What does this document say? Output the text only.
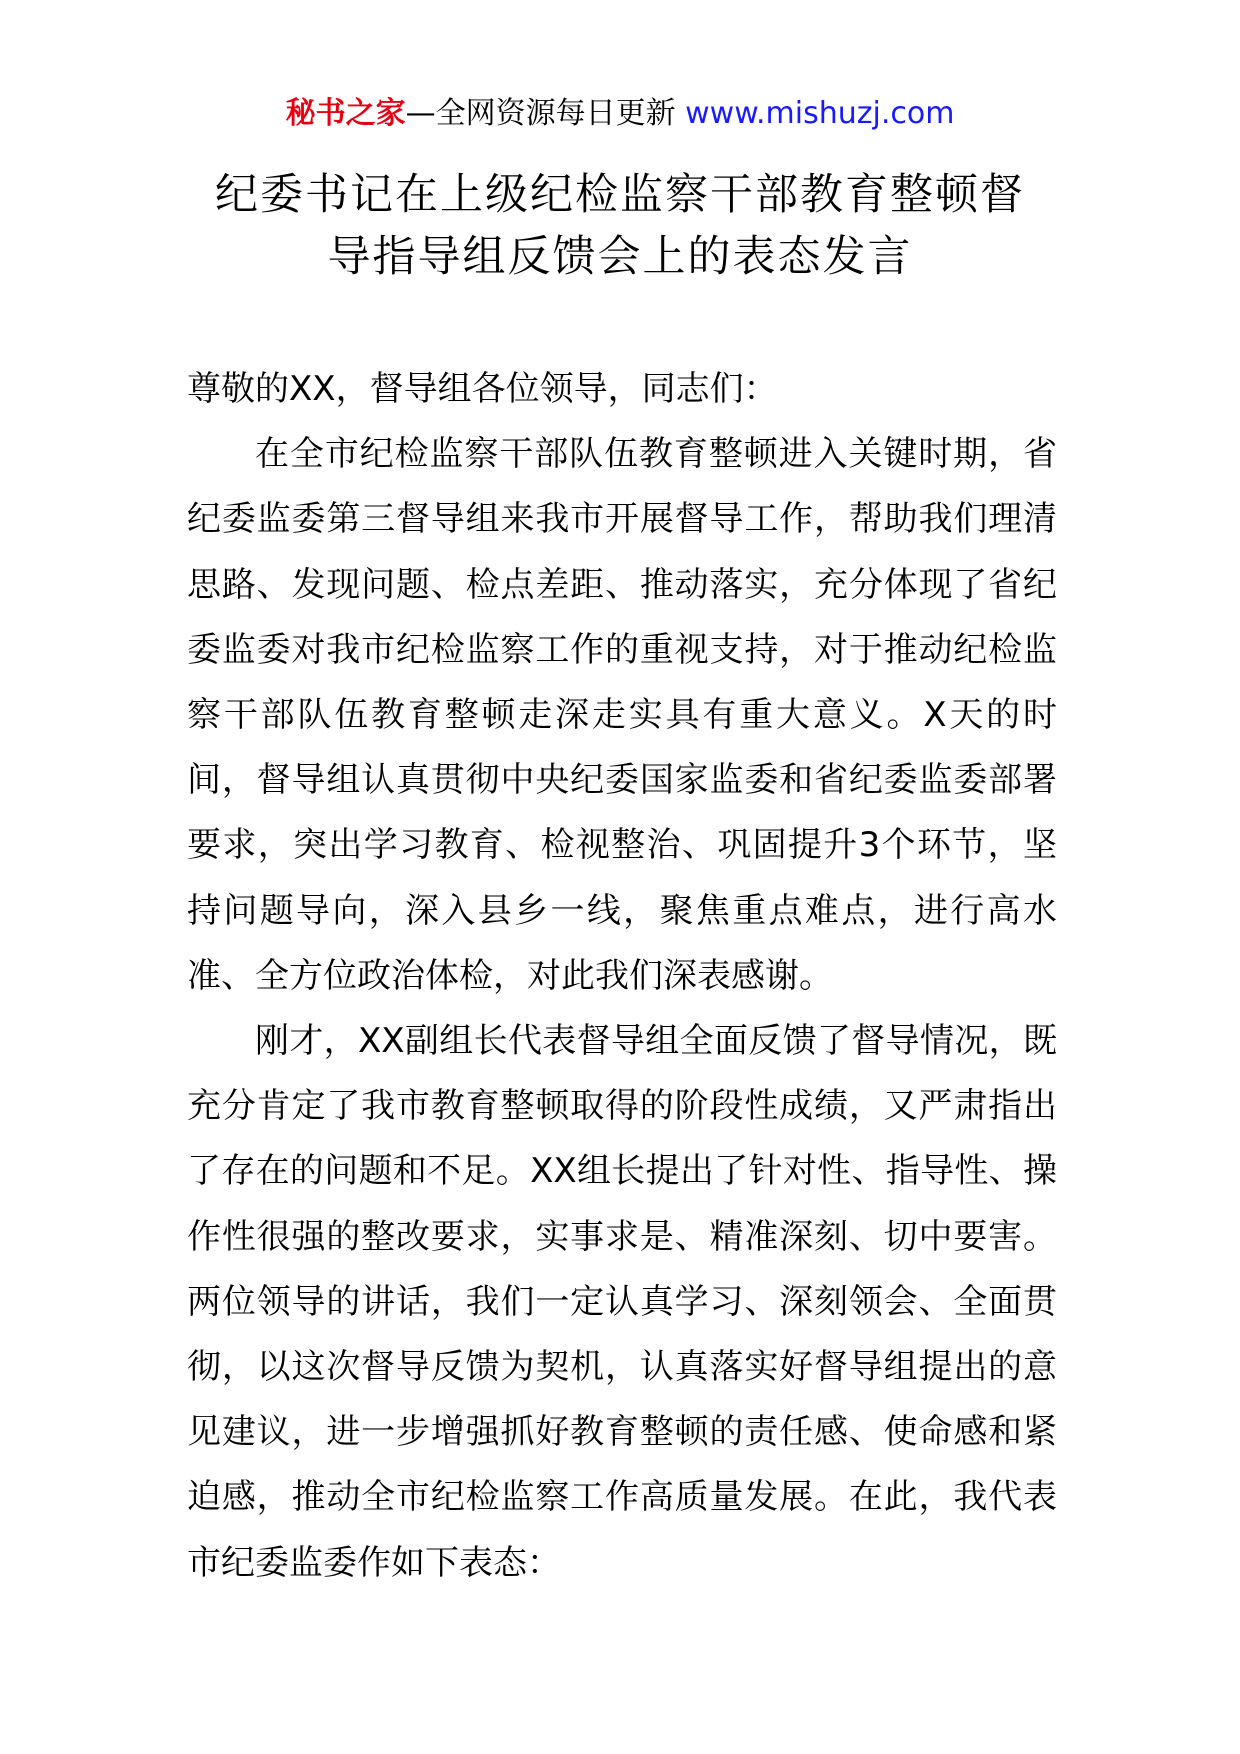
秘书之家—全网资源每日更新 www.mishuzj.com
纪委书记在上级纪检监察干部教育整顿督
导指导组反馈会上的表态发言

尊敬的XX，督导组各位领导，同志们：

在全市纪检监察干部队伍教育整顿进入关键时期，省纪委监委第三督导组来我市开展督导工作，帮助我们理清思路、发现问题、检点差距、推动落实，充分体现了省纪委监委对我市纪检监察工作的重视支持，对于推动纪检监察干部队伍教育整顿走深走实具有重大意义。X天的时间，督导组认真贯彻中央纪委国家监委和省纪委监委部署要求，突出学习教育、检视整治、巩固提升3个环节，坚持问题导向，深入县乡一线，聚焦重点难点，进行高水准、全方位政治体检，对此我们深表感谢。

刚才，XX副组长代表督导组全面反馈了督导情况，既充分肯定了我市教育整顿取得的阶段性成绩，又严肃指出了存在的问题和不足。XX组长提出了针对性、指导性、操作性很强的整改要求，实事求是、精准深刻、切中要害。两位领导的讲话，我们一定认真学习、深刻领会、全面贯彻，以这次督导反馈为契机，认真落实好督导组提出的意见建议，进一步增强抓好教育整顿的责任感、使命感和紧迫感，推动全市纪检监察工作高质量发展。在此，我代表市纪委监委作如下表态：
